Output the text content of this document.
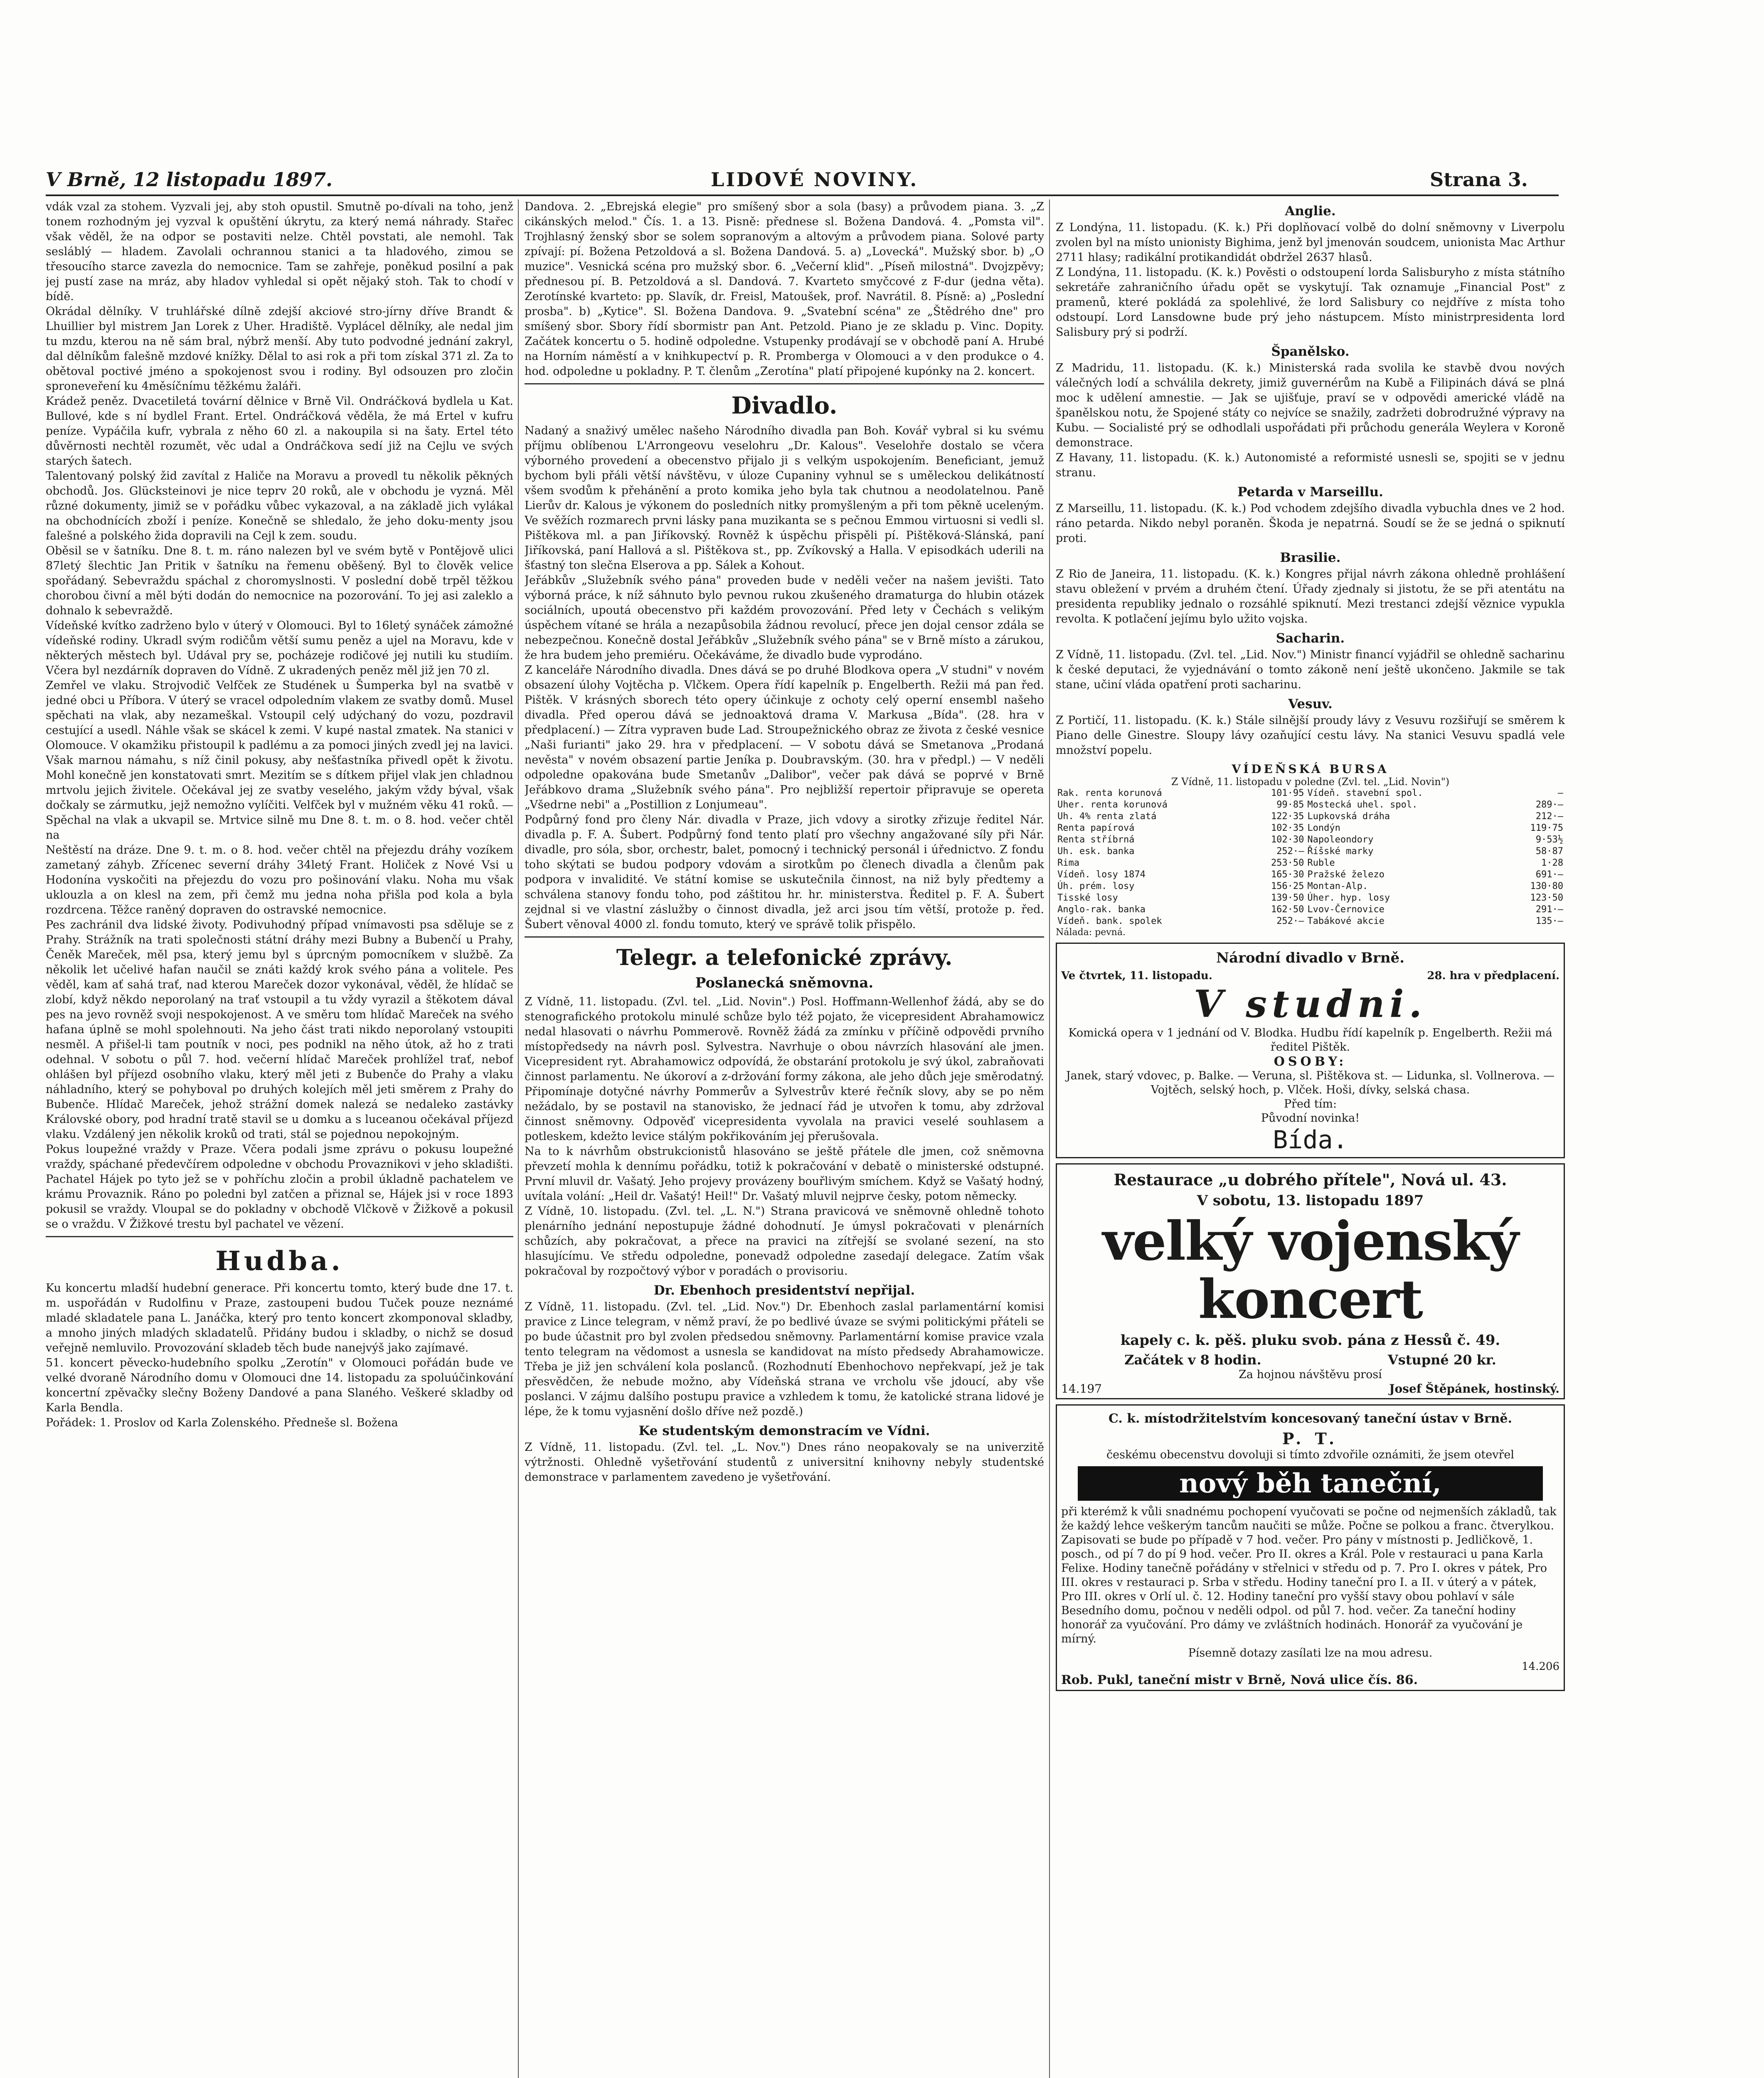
V Brně, 12 listopadu 1897.	LIDOVÉ NOVINY.	Strana 3.

vdák vzal za stohem. Vyzvali jej, aby stoh opustil. Smutně po-dívali na toho, jenž tonem rozhodným jej vyzval k opuštění úkrytu, za který nemá náhrady. Stařec však věděl, že na odpor se postaviti nelze. Chtěl povstati, ale nemohl. Tak sesláblý — hladem. Zavolali ochrannou stanici a ta hladového, zimou se třesoucího starce zavezla do nemocnice. Tam se zahřeje, poněkud posilní a pak jej pustí zase na mráz, aby hladov vyhledal si opět nějaký stoh. Tak to chodí v bídě.

Okrádal dělníky. V truhlářské dílně zdejší akciové stro-jírny dříve Brandt & Lhuillier byl mistrem Jan Lorek z Uher. Hradiště. Vyplácel dělníky, ale nedal jim tu mzdu, kterou na ně sám bral, nýbrž menší. Aby tuto podvodné jednání zakryl, dal dělníkům falešně mzdové knížky. Dělal to asi rok a při tom získal 371 zl. Za to obětoval poctivé jméno a spokojenost svou i rodiny. Byl odsouzen pro zločin sproneveření ku 4měsíčnímu těžkému žaláři.

Krádež peněz. Dvacetiletá tovární dělnice v Brně Vil. Ondráčková bydlela u Kat. Bullové, kde s ní bydlel Frant. Ertel. Ondráčková věděla, že má Ertel v kufru peníze. Vypáčila kufr, vybrala z něho 60 zl. a nakoupila si na šaty. Ertel této důvěrnosti nechtěl rozumět, věc udal a Ondráčkova sedí již na Cejlu ve svých starých šatech.

Talentovaný polský žid zavítal z Haliče na Moravu a provedl tu několik pěkných obchodů. Jos. Glücksteinovi je nice teprv 20 roků, ale v obchodu je vyzná. Měl různé dokumenty, jimiž se v pořádku vůbec vykazoval, a na základě jich vylákal na obchodnících zboží i peníze. Konečně se shledalo, že jeho doku-menty jsou falešné a polského žida dopravili na Cejl k zem. soudu.

Oběsil se v šatníku. Dne 8. t. m. ráno nalezen byl ve svém bytě v Pontějově ulici 87letý šlechtic Jan Pritik v šatníku na řemenu oběšený. Byl to člověk velice spořádaný. Sebevraždu spáchal z choromyslnosti. V poslední době trpěl těžkou chorobou čivní a měl býti dodán do nemocnice na pozorování. To jej asi zaleklo a dohnalo k sebevraždě.

Vídeňské kvítko zadrženo bylo v úterý v Olomouci. Byl to 16letý synáček zámožné vídeňské rodiny. Ukradl svým rodičům větší sumu peněz a ujel na Moravu, kde v některých městech byl. Udával pry se, pocházeje rodičové jej nutili ku studiím. Včera byl nezdárník dopraven do Vídně. Z ukradených peněz měl již jen 70 zl.

Zemřel ve vlaku. Strojvodič Velfček ze Studének u Šumperka byl na svatbě v jedné obci u Příbora. V úterý se vracel odpoledním vlakem ze svatby domů. Musel spěchati na vlak, aby nezameškal. Vstoupil celý udýchaný do vozu, pozdravil cestující a usedl. Náhle však se skácel k zemi. V kupé nastal zmatek. Na stanici v Olomouce. V okamžiku přistoupil k padlému a za pomoci jiných zvedl jej na lavici. Však marnou námahu, s níž činil pokusy, aby nešťastníka přivedl opět k životu. Mohl konečně jen konstatovati smrt. Mezitím se s dítkem přijel vlak jen chladnou mrtvolu jejich živitele. Očekával jej ze svatby veselého, jakým vždy býval, však dočkaly se zármutku, jejž nemožno vylíčiti. Velfček byl v mužném věku 41 roků. — Spěchal na vlak a ukvapil se. Mrtvice silně mu Dne 8. t. m. o 8. hod. večer chtěl na

Neštěstí na dráze. Dne 9. t. m. o 8. hod. večer chtěl na přejezdu dráhy vozíkem zametaný záhyb. Zřícenec severní dráhy 34letý Frant. Holiček z Nové Vsi u Hodonína vyskočiti na přejezdu do vozu pro pošinování vlaku. Noha mu však uklouzla a on klesl na zem, při čemž mu jedna noha přišla pod kola a byla rozdrcena. Těžce raněný dopraven do ostravské nemocnice.

Pes zachránil dva lidské životy. Podivuhodný případ vnímavosti psa sděluje se z Prahy. Strážník na trati společnosti státní dráhy mezi Bubny a Bubenčí u Prahy, Čeněk Mareček, měl psa, který jemu byl s úprcným pomocníkem v službě. Za několik let učelivé hafan naučil se znáti každý krok svého pána a volitele. Pes věděl, kam ať sahá trať, nad kterou Mareček dozor vykonával, věděl, že hlídač se zlobí, když někdo neporolaný na trať vstoupil a tu vždy vyrazil a štěkotem dával pes na jevo rovněž svoji nespokojenost. A ve směru tom hlídač Mareček na svého hafana úplně se mohl spolehnouti. Na jeho část trati nikdo neporolaný vstoupiti nesměl. A přišel-li tam poutník v noci, pes podnikl na něho útok, až ho z trati odehnal. V sobotu o půl 7. hod. večerní hlídač Mareček prohlížel trať, nebof ohlášen byl příjezd osobního vlaku, který měl jeti z Bubenče do Prahy a vlaku náhladního, který se pohyboval po druhých kolejích měl jeti směrem z Prahy do Bubenče. Hlídač Mareček, jehož strážní domek nalezá se nedaleko zastávky Královské obory, pod hradní tratě stavil se u domku a s luceanou očekával příjezd vlaku. Vzdálený jen několik kroků od trati, stál se pojednou nepokojným.

Pokus loupežné vraždy v Praze. Včera podali jsme zprávu o pokusu loupežné vraždy, spáchané předevčírem odpoledne v obchodu Provaznikovi v jeho skladišti. Pachatel Hájek po tyto jež se v pohříchu zločin a probil úkladně pachatelem ve krámu Provaznik. Ráno po poledni byl zatčen a přiznal se, Hájek jsi v roce 1893 pokusil se vraždy. Vloupal se do pokladny v obchodě Vlčkově v Žižkově a pokusil se o vraždu. V Žižkové trestu byl pachatel ve vězení.

Hudba.

Ku koncertu mladší hudební generace. Při koncertu tomto, který bude dne 17. t. m. uspořádán v Rudolfinu v Praze, zastoupeni budou Tuček pouze neznámé mladé skladatele pana L. Janáčka, který pro tento koncert zkomponoval skladby, a mnoho jiných mladých skladatelů. Přidány budou i skladby, o nichž se dosud veřejně nemluvilo. Provozování skladeb těch bude nanejvýš jako zajímavé.

51. koncert pěvecko-hudebního spolku „Zerotín" v Olomouci pořádán bude ve velké dvoraně Národního domu v Olomouci dne 14. listopadu za spoluúčinkování koncertní zpěvačky slečny Boženy Dandové a pana Slaného. Veškeré skladby od Karla Bendla.

Pořádek: 1. Proslov od Karla Zolenského. Předneše sl. Božena

Dandova. 2. „Ebrejská elegie" pro smíšený sbor a sola (basy) a průvodem piana. 3. „Z cikánských melod." Čís. 1. a 13. Pisně: přednese sl. Božena Dandová. 4. „Pomsta vil". Trojhlasný ženský sbor se solem sopranovým a altovým a průvodem piana. Solové party zpívají: pí. Božena Petzoldová a sl. Božena Dandová. 5. a) „Lovecká". Mužský sbor. b) „O muzice". Vesnická scéna pro mužský sbor. 6. „Večerní klid". „Píseň milostná". Dvojzpěvy; přednesou pí. B. Petzoldová a sl. Dandová. 7. Kvarteto smyčcové z F-dur (jedna věta). Zerotínské kvarteto: pp. Slavík, dr. Freisl, Matoušek, prof. Navrátil. 8. Písně: a) „Poslední prosba". b) „Kytice". Sl. Božena Dandova. 9. „Svatební scéna" ze „Štědrého dne" pro smíšený sbor. Sbory řídí sbormistr pan Ant. Petzold. Piano je ze skladu p. Vinc. Dopity. Začátek koncertu o 5. hodině odpoledne. Vstupenky prodávají se v obchodě paní A. Hrubé na Horním náměstí a v knihkupectví p. R. Promberga v Olomouci a v den produkce o 4. hod. odpoledne u pokladny. P. T. členům „Zerotína" platí připojené kupónky na 2. koncert.

Divadlo.

Nadaný a snaživý umělec našeho Národního divadla pan Boh. Kovář vybral si ku svému příjmu oblíbenou L'Arrongeovu veselohru „Dr. Kalous". Veselohře dostalo se včera výborného provedení a obecenstvo přijalo ji s velkým uspokojením. Beneficiant, jemuž bychom byli přáli větší návštěvu, v úloze Cupaniny vyhnul se s uměleckou delikátností všem svodům k přehánění a proto komika jeho byla tak chutnou a neodolatelnou. Paně Lierův dr. Kalous je výkonem do posledních nitky promyšleným a při tom pěkně uceleným. Ve svěžích rozmarech prvni lásky pana muzikanta se s pečnou Emmou virtuosni si vedli sl. Pištěkova ml. a pan Jiříkovský. Rovněž k úspěchu přispěli pí. Pištěková-Slánská, paní Jiříkovská, paní Hallová a sl. Pištěkova st., pp. Zvíkovský a Halla. V episodkách uderili na šťastný ton slečna Elserova a pp. Sálek a Kohout.

Jeřábkův „Služebník svého pána" proveden bude v neděli večer na našem jevišti. Tato výborná práce, k níž sáhnuto bylo pevnou rukou zkušeného dramaturga do hlubin otázek sociálních, upoutá obecenstvo při každém provozování. Před lety v Čechách s velikým úspěchem vítané se hrála a nezapůsobila žádnou revolucí, přece jen dojal censor zdála se nebezpečnou. Konečně dostal Jeřábkův „Služebník svého pána" se v Brně místo a zárukou, že hra budem jeho premiéru. Očekáváme, že divadlo bude vyprodáno.

Z kanceláře Národního divadla. Dnes dává se po druhé Blodkova opera „V studni" v novém obsazení úlohy Vojtěcha p. Vlčkem. Opera řídí kapelník p. Engelberth. Režii má pan řed. Pištěk. V krásných sborech této opery účinkuje z ochoty celý operní ensembl našeho divadla. Před operou dává se jednoaktová drama V. Markusa „Bída". (28. hra v předplacení.) — Zítra vypraven bude Lad. Stroupežnického obraz ze života z české vesnice „Naši furianti" jako 29. hra v předplacení. — V sobotu dává se Smetanova „Prodaná nevěsta" v novém obsazení partie Jeníka p. Doubravským. (30. hra v předpl.) — V neděli odpoledne opakována bude Smetanův „Dalibor", večer pak dává se poprvé v Brně Jeřábkovo drama „Služebník svého pána". Pro nejbližší repertoir připravuje se opereta „Všedrne nebi" a „Postillion z Lonjumeau".

Podpůrný fond pro členy Nár. divadla v Praze, jich vdovy a sirotky zřizuje ředitel Nár. divadla p. F. A. Šubert. Podpůrný fond tento platí pro všechny angažované síly při Nár. divadle, pro sóla, sbor, orchestr, balet, pomocný i technický personál i úřednictvo. Z fondu toho skýtati se budou podpory vdovám a sirotkům po členech divadla a členům pak podpora v invalidité. Ve státní komise se uskutečnila činnost, na niž byly předtemy a schválena stanovy fondu toho, pod záštitou hr. hr. ministerstva. Ředitel p. F. A. Šubert zejdnal si ve vlastní záslužby o činnost divadla, jež arci jsou tím větší, protože p. řed. Šubert věnoval 4000 zl. fondu tomuto, který ve správě tolik přispělo.

Telegr. a telefonické zprávy.
Poslanecká sněmovna.

Z Vídně, 11. listopadu. (Zvl. tel. „Lid. Novin".) Posl. Hoffmann-Wellenhof žádá, aby se do stenografického protokolu minulé schůze bylo též pojato, že vicepresident Abrahamowicz nedal hlasovati o návrhu Pommerově. Rovněž žádá za zmínku v příčině odpovědi prvního místopředsedy na návrh posl. Sylvestra. Navrhuje o obou návrzích hlasování ale jmen. Vicepresident ryt. Abrahamowicz odpovídá, že obstarání protokolu je svý úkol, zabraňovati činnost parlamentu. Ne úkoroví a z-držování formy zákona, ale jeho důch jeje směrodatný. Připomínaje dotyčné návrhy Pommerův a Sylvestrův které řečník slovy, aby se po něm nežádalo, by se postavil na stanovisko, že jednací řád je utvořen k tomu, aby zdržoval činnost sněmovny. Odpověď vicepresidenta vyvolala na pravici veselé souhlasem a potleskem, kdežto levice stálým pokřikováním jej přerušovala.

Na to k návrhům obstrukcionistů hlasováno se ještě přátele dle jmen, což sněmovna převzetí mohla k dennímu pořádku, totiž k pokračování v debatě o ministerské odstupné. První mluvil dr. Vašatý. Jeho projevy provázeny bouřlivým smíchem. Když se Vašatý hodný, uvítala volání: „Heil dr. Vašatý! Heil!" Dr. Vašatý mluvil nejprve česky, potom německy.

Z Vídně, 10. listopadu. (Zvl. tel. „L. N.") Strana pravicová ve sněmovně ohledně tohoto plenárního jednání nepostupuje žádné dohodnutí. Je úmysl pokračovati v plenárních schůzích, aby pokračovat, a přece na pravici na zítřejší se svolané sezení, na sto hlasujícímu. Ve středu odpoledne, ponevadž odpoledne zasedají delegace. Zatím však pokračoval by rozpočtový výbor v poradách o provisoriu.

Dr. Ebenhoch presidentství nepřijal.

Z Vídně, 11. listopadu. (Zvl. tel. „Lid. Nov.") Dr. Ebenhoch zaslal parlamentární komisi pravice z Lince telegram, v němž praví, že po bedlivé úvaze se svými politickými přáteli se po bude účastnit pro byl zvolen předsedou sněmovny. Parlamentární komise pravice vzala tento telegram na vědomost a usnesla se kandidovat na místo předsedy Abrahamowicze. Třeba je již jen schválení kola poslanců. (Rozhodnutí Ebenhochovo nepřekvapí, jež je tak přesvědčen, že nebude možno, aby Vídeňská strana ve vrcholu vše jdoucí, aby vše poslanci. V zájmu dalšího postupu pravice a vzhledem k tomu, že katolické strana lidové je lépe, že k tomu vyjasnění došlo dříve než pozdě.)

Ke studentským demonstracím ve Vídni.

Z Vídně, 11. listopadu. (Zvl. tel. „L. Nov.") Dnes ráno neopakovaly se na univerzitě výtržnosti. Ohledně vyšetřování studentů z universitní knihovny nebyly studentské demonstrace v parlamentem zavedeno je vyšetřování.

Anglie.

Z Londýna, 11. listopadu. (K. k.) Při doplňovací volbě do dolní sněmovny v Liverpolu zvolen byl na místo unionisty Bighima, jenž byl jmenován soudcem, unionista Mac Arthur 2711 hlasy; radikální protikandidát obdržel 2637 hlasů.

Z Londýna, 11. listopadu. (K. k.) Pověsti o odstoupení lorda Salisburyho z místa státního sekretáře zahraničního úřadu opět se vyskytují. Tak oznamuje „Financial Post" z pramenů, které pokládá za spolehlivé, že lord Salisbury co nejdříve z místa toho odstoupí. Lord Lansdowne bude prý jeho nástupcem. Místo ministrpresidenta lord Salisbury prý si podrží.

Španělsko.

Z Madridu, 11. listopadu. (K. k.) Ministerská rada svolila ke stavbě dvou nových válečných lodí a schválila dekrety, jimiž guvernérům na Kubě a Filipinách dává se plná moc k udělení amnestie. — Jak se ujišťuje, praví se v odpovědi americké vládě na španělskou notu, že Spojené státy co nejvíce se snažily, zadržeti dobrodružné výpravy na Kubu. — Socialisté prý se odhodlali uspořádati při průchodu generála Weylera v Koroně demonstrace.

Z Havany, 11. listopadu. (K. k.) Autonomisté a reformisté usnesli se, spojiti se v jednu stranu.

Petarda v Marseillu.

Z Marseillu, 11. listopadu. (K. k.) Pod vchodem zdejšího divadla vybuchla dnes ve 2 hod. ráno petarda. Nikdo nebyl poraněn. Škoda je nepatrná. Soudí se že se jedná o spiknutí proti.

Brasilie.

Z Rio de Janeira, 11. listopadu. (K. k.) Kongres přijal návrh zákona ohledně prohlášení stavu obležení v prvém a druhém čtení. Úřady zjednaly si jistotu, že se při atentátu na presidenta republiky jednalo o rozsáhlé spiknutí. Mezi trestanci zdejší věznice vypukla revolta. K potlačení jejímu bylo užito vojska.

Sacharin.

Z Vídně, 11. listopadu. (Zvl. tel. „Lid. Nov.") Ministr financí vyjádřil se ohledně sacharinu k české deputaci, že vyjednávání o tomto zákoně není ještě ukončeno. Jakmile se tak stane, učiní vláda opatření proti sacharinu.

Vesuv.

Z Portičí, 11. listopadu. (K. k.) Stále silnější proudy lávy z Vesuvu rozšiřují se směrem k Piano delle Ginestre. Sloupy lávy ozaňující cestu lávy. Na stanici Vesuvu spadlá vele množství popelu.

VÍDEŇSKÁ BURSA
Z Vídně, 11. listopadu v poledne (Zvl. tel. „Lid. Novin")
Rak. renta korunová	101·95	Vídeň. stavební spol.	—
Uher. renta korunová	99·85	Mostecká uhel. spol.	289·—
Uh. 4% renta zlatá	122·35	Lupkovská dráha	212·—
Renta papírová	102·35	Londýn	119·75
Renta stříbrná	102·30	Napoleondory	9·53½
Uh. esk. banka	252·—	Říšské marky	58·87
Rima	253·50	Ruble	1·28
Vídeň. losy 1874	165·30	Pražské železo	691·—
Úh. prém. losy	156·25	Montan-Alp.	130·80
Tisské losy	139·50	Úher. hyp. losy	123·50
Anglo-rak. banka	162·50	Lvov-Černovice	291·—
Vídeň. bank. spolek	252·—	Tabákové akcie	135·—
Nálada: pevná.
Národní divadlo v Brně.
Ve čtvrtek, 11. listopadu.	28. hra v předplacení.
V studni.
Komická opera v 1 jednání od V. Blodka. Hudbu řídí kapelník p. Engelberth. Režii má ředitel Pištěk.
OSOBY:
Janek, starý vdovec, p. Balke. — Veruna, sl. Pištěkova st. — Lidunka, sl. Vollnerova. — Vojtěch, selský hoch, p. Vlček. Hoši, dívky, selská chasa.
Před tím:
Původní novinka!
Bída.
Restaurace „u dobrého přítele", Nová ul. 43.
V sobotu, 13. listopadu 1897
velký vojenský koncert
kapely c. k. pěš. pluku svob. pána z Hessů č. 49.
Začátek v 8 hodin.	Vstupné 20 kr.
Za hojnou návštěvu prosí
14.197	Josef Štěpánek, hostinský.
C. k. místodržitelstvím koncesovaný taneční ústav v Brně.
P. T.
českému obecenstvu dovoluji si tímto zdvořile oznámiti, že jsem otevřel
nový běh taneční,
při kterémž k vůli snadnému pochopení vyučovati se počne od nejmenších základů, tak že každý lehce veškerým tancům naučiti se může. Počne se polkou a franc. čtverylkou. Zapisovati se bude po případě v 7 hod. večer. Pro pány v místnosti p. Jedličkově, 1. posch., od pí 7 do pí 9 hod. večer. Pro II. okres a Král. Pole v restauraci u pana Karla Felixe. Hodiny tanečně pořádány v střelnici v středu od p. 7. Pro I. okres v pátek, Pro III. okres v restauraci p. Srba v středu. Hodiny taneční pro I. a II. v úterý a v pátek, Pro III. okres v Orlí ul. č. 12. Hodiny taneční pro vyšší stavy obou pohlaví v sále Besedního domu, počnou v neděli odpol. od půl 7. hod. večer. Za taneční hodiny honorář za vyučování. Pro dámy ve zvláštních hodinách. Honorář za vyučování je mírný.
Písemně dotazy zasílati lze na mou adresu.
14.206
Rob. Pukl, taneční mistr v Brně, Nová ulice čís. 86.
